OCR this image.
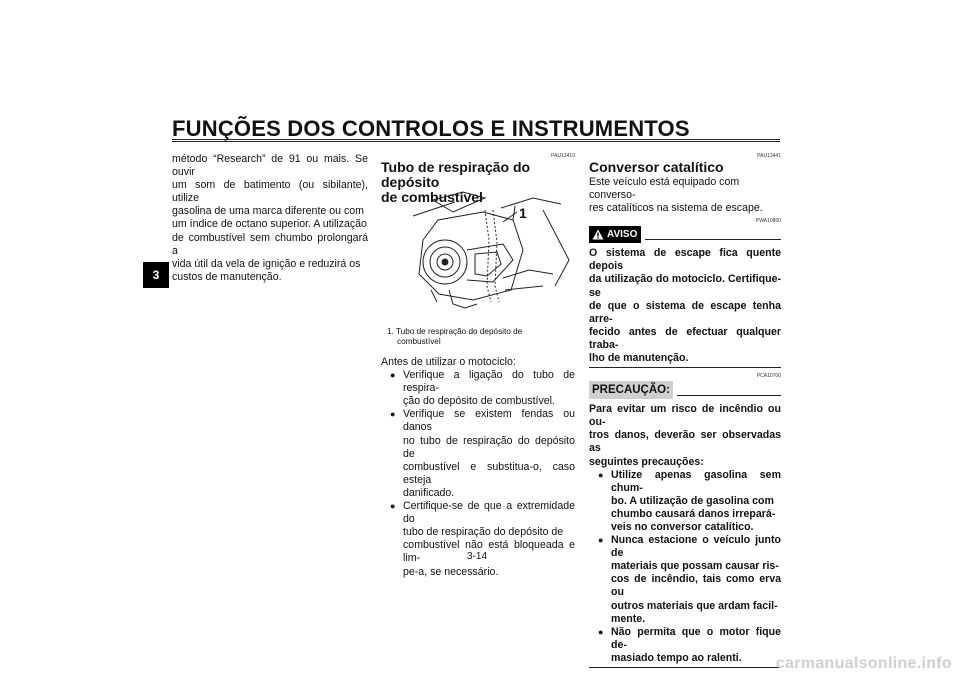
FUNÇÕES DOS CONTROLOS E INSTRUMENTOS
3
método “Research” de 91 ou mais. Se ouvir
um som de batimento (ou sibilante), utilize
gasolina de uma marca diferente ou com
um índice de octano superior. A utilização
de combustível sem chumbo prolongará a
vida útil da vela de ignição e reduzirá os
custos de manutenção.
PAU13410
Tubo de respiração do depósito
de combustível
1
1. Tubo de respiração do depósito de
combustível
Antes de utilizar o motociclo:
● Verifique a ligação do tubo de respira-
ção do depósito de combustível.
● Verifique se existem fendas ou danos
no tubo de respiração do depósito de
combustível e substitua-o, caso esteja
danificado.
● Certifique-se de que a extremidade do
tubo de respiração do depósito de
combustível não está bloqueada e lim-
pe-a, se necessário.
PAU13441
Conversor catalítico
Este veículo está equipado com converso-
res catalíticos na sistema de escape.
PWA10860
AVISO
O sistema de escape fica quente depois
da utilização do motociclo. Certifique-se
de que o sistema de escape tenha arre-
fecido antes de efectuar qualquer traba-
lho de manutenção.
PCA10700
PRECAUÇÃO:
Para evitar um risco de incêndio ou ou-
tros danos, deverão ser observadas as
seguintes precauções:
● Utilize apenas gasolina sem chum-
bo. A utilização de gasolina com
chumbo causará danos irrepará-
veis no conversor catalítico.
● Nunca estacione o veículo junto de
materiais que possam causar ris-
cos de incêndio, tais como erva ou
outros materiais que ardam facil-
mente.
● Não permita que o motor fique de-
masiado tempo ao ralenti.
3-14
carmanualsonline.info
